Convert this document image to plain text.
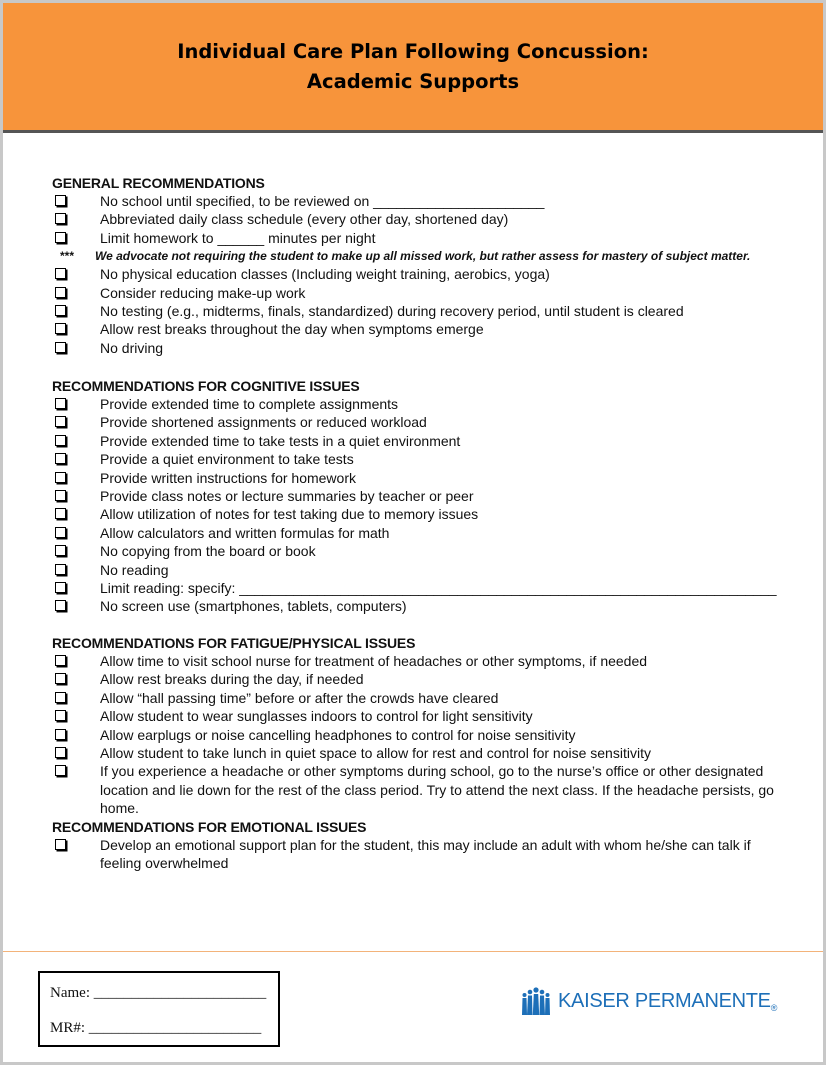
Individual Care Plan Following Concussion:
Academic Supports
GENERAL RECOMMENDATIONS
No school until specified, to be reviewed on ______________________
Abbreviated daily class schedule (every other day, shortened day)
Limit homework to ______ minutes per night
***	We advocate not requiring the student to make up all missed work, but rather assess for mastery of subject matter.
No physical education classes (Including weight training, aerobics, yoga)
Consider reducing make-up work
No testing (e.g., midterms, finals, standardized) during recovery period, until student is cleared
Allow rest breaks throughout the day when symptoms emerge
No driving
RECOMMENDATIONS FOR COGNITIVE ISSUES
Provide extended time to complete assignments
Provide shortened assignments or reduced workload
Provide extended time to take tests in a quiet environment
Provide a quiet environment to take tests
Provide written instructions for homework
Provide class notes or lecture summaries by teacher or peer
Allow utilization of notes for test taking due to memory issues
Allow calculators and written formulas for math
No copying from the board or book
No reading
Limit reading: specify: _____________________________________________________________________
No screen use (smartphones, tablets, computers)
RECOMMENDATIONS FOR FATIGUE/PHYSICAL ISSUES
Allow time to visit school nurse for treatment of headaches or other symptoms, if needed
Allow rest breaks during the day, if needed
Allow “hall passing time” before or after the crowds have cleared
Allow student to wear sunglasses indoors to control for light sensitivity
Allow earplugs or noise cancelling headphones to control for noise sensitivity
Allow student to take lunch in quiet space to allow for rest and control for noise sensitivity
If you experience a headache or other symptoms during school, go to the nurse’s office or other designated location and lie down for the rest of the class period. Try to attend the next class. If the headache persists, go home.
RECOMMENDATIONS FOR EMOTIONAL ISSUES
Develop an emotional support plan for the student, this may include an adult with whom he/she can talk if feeling overwhelmed
Name: _______________________
MR#: _______________________
KAISER PERMANENTE®
